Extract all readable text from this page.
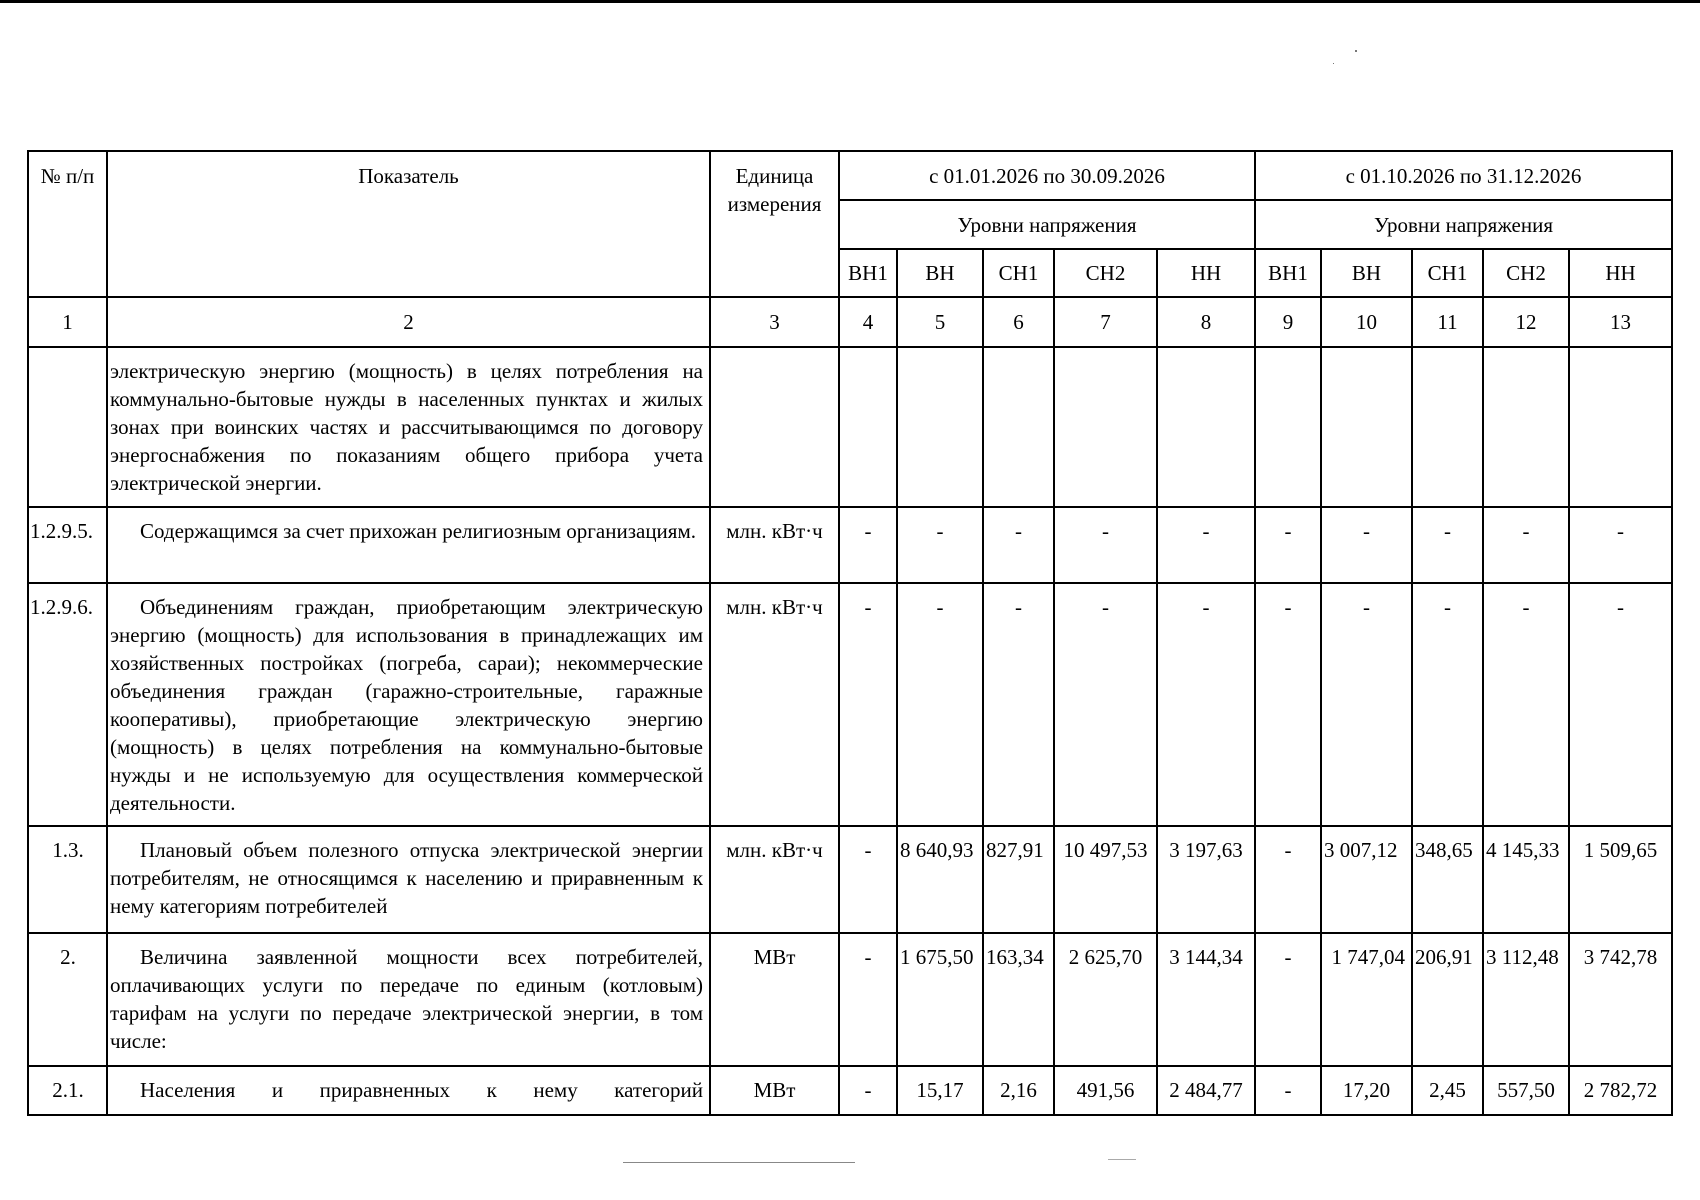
№ п/п	Показатель	Единица измерения	с 01.01.2026 по 30.09.2026					с 01.10.2026 по 31.12.2026				
			Уровни напряжения					Уровни напряжения				
			ВН1	ВН	СН1	СН2	НН	ВН1	ВН	СН1	СН2	НН
1	2	3	4	5	6	7	8	9	10	11	12	13
	электрическую энергию (мощность) в целях потребления на коммунально-бытовые нужды в населенных пунктах и жилых зонах при воинских частях и рассчитывающимся по договору энергоснабжения по показаниям общего прибора учета электрической энергии.											
1.2.9.5.	Содержащимся за счет прихожан религиозным организациям.	млн. кВт·ч	-	-	-	-	-	-	-	-	-	-
1.2.9.6.	Объединениям граждан, приобретающим электрическую энергию (мощность) для использования в принадлежащих им хозяйственных постройках (погреба, сараи); некоммерческие объединения граждан (гаражно-строительные, гаражные кооперативы), приобретающие электрическую энергию (мощность) в целях потребления на коммунально-бытовые нужды и не используемую для осуществления коммерческой деятельности.	млн. кВт·ч	-	-	-	-	-	-	-	-	-	-
1.3.	Плановый объем полезного отпуска электрической энергии потребителям, не относящимся к населению и приравненным к нему категориям потребителей	млн. кВт·ч	-	8 640,93	827,91	10 497,53	3 197,63	-	3 007,12	348,65	4 145,33	1 509,65
2.	Величина заявленной мощности всех потребителей, оплачивающих услуги по передаче по единым (котловым) тарифам на услуги по передаче электрической энергии, в том числе:	МВт	-	1 675,50	163,34	2 625,70	3 144,34	-	1 747,04	206,91	3 112,48	3 742,78
2.1.	Населения и приравненных к нему категорий	МВт	-	15,17	2,16	491,56	2 484,77	-	17,20	2,45	557,50	2 782,72
